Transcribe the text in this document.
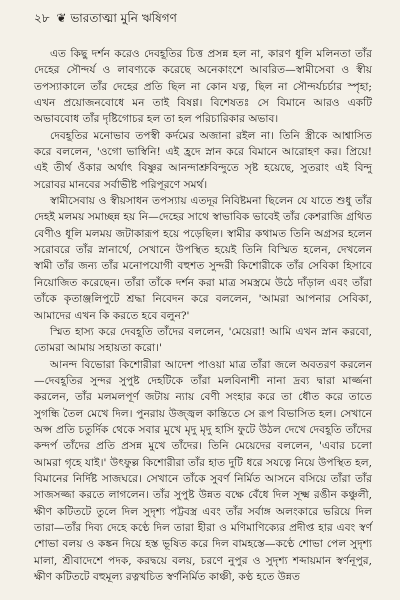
২৮ ❦ ভারতাত্মা মুনি ঋষিগণ

এত কিছু দর্শন করেও দেবহূতির চিত্ত প্রসন্ন হল না, কারণ ধূলি মলিনতা তাঁর দেহের সৌন্দর্য ও লাবণ্যকে করেছে অনেকাংশে আবরিত—স্বামীসেবা ও স্বীয় তপস্যাকালে তাঁর দেহের প্রতি ছিল না কোন যত্ন, ছিল না সৌন্দর্যচর্চার স্পৃহা; এখন প্রয়োজনবোধে মন তাই বিষণ্ণ। বিশেষতঃ সে বিমানে আরও একটি অভাববোধ তাঁর দৃষ্টিগোচর হল তা হল পরিচারিকার অভাব।

দেবহূতির মনোভাব তপস্বী কর্দমের অজানা রইল না। তিনি স্ত্রীকে আশ্বাসিত করে বললেন, 'ওগো ভাস্বিনি! এই হ্রদে স্নান করে বিমানে আরোহণ কর। প্রিয়ে! এই তীর্থ ওঁকার অর্থাৎ বিষ্ণুর আনন্দাশ্রুবিন্দুতে সৃষ্ট হয়েছে, সুতরাং এই বিন্দু সরোবর মানবের সর্বাভীষ্ট পরিপূরণে সমর্থ।

স্বামীসেবায় ও স্বীয়সাধন তপস্যায় এতদূর নিবিষ্টমনা ছিলেন যে যাতে শুধু তাঁর দেহই মলময় সমাচ্ছন্ন হয় নি—দেহের সাথে স্বাভাবিক ভাবেই তাঁর কেশরাজি গ্রথিত বেণীও ধূলি মলময় জটাকারূপ হয়ে পড়েছিল। স্বামীর কথামত তিনি অগ্রসর হলেন সরোবরে তাঁর স্নানার্থে, সেখানে উপস্থিত হয়েই তিনি বিস্মিত হলেন, দেখলেন স্বামী তাঁর জন্য তাঁর মনোপযোগী বহুশত সুন্দরী কিশোরীকে তাঁর সেবিকা হিসাবে নিয়োজিত করেছেন। তাঁরা তাঁকে দর্শন করা মাত্র সমস্ত্রমে উঠে দাঁড়াল এবং তাঁরা তাঁকে কৃতাঞ্জলিপুটে শ্রদ্ধা নিবেদন করে বললেন, 'আমরা আপনার সেবিকা, আমাদের এখন কি করতে হবে বলুন?'

স্মিত হাস্য করে দেবহূতি তাঁদের বললেন, 'মেয়েরা! আমি এখন স্নান করবো, তোমরা আমায় সহায়তা করো।'

আনন্দ বিভোরা কিশোরীরা আদেশ পাওয়া মাত্র তাঁরা জলে অবতরণ করলেন—দেবহূতির সুন্দর সুপুষ্ট দেহটিকে তাঁরা মলবিনাশী নানা দ্রব্য দ্বারা মার্জ্জনা করলেন, তাঁর মলমলপূর্ণ জটায় ন্যায় বেণী সংহার করে তা ধৌত করে তাতে সুগন্ধি তৈল মেখে দিল। পুনরায় উজ্জ্বল কান্তিতে সে রূপ বিভাসিত হল। সেখানে অপ্স প্রতি চতুর্দিক থেকে সবার মুখে মৃদু মৃদু হাসি ফুটে উঠল দেখে দেবহূতি তাঁদের কন্দর্প তাঁদের প্রতি প্রসন্ন মুখে তাঁদের। তিনি মেয়েদের বললেন, 'এবার চলো আমরা গৃহে যাই।' উৎফুল্ল কিশোরীরা তাঁর হাত দুটি ধরে সযত্নে নিয়ে উপস্থিত হল, বিমানের নির্দিষ্ট সাজঘরে। সেখানে তাঁকে সুবর্ণ নির্মিত আসনে বসিয়ে তাঁরা তাঁর সাজসজ্জা করতে লাগলেন। তাঁর সুপুষ্ট উন্নত বক্ষে বেঁধে দিল সূক্ষ্ম রঙীন কঞ্চুলী, ক্ষীণ কটিতটে তুলে দিল সুদৃশ্য পট্টবস্ত্র এবং তাঁর সর্বাঙ্গ অলংকারে ভরিয়ে দিল তারা—তাঁর দিব্য দেহে কণ্ঠে দিল তারা হীরা ও মণিমাণিক্যের প্রদীপ্ত হার এবং স্বর্ণ শোভা বলয় ও কঙ্কন দিয়ে হস্ত ভূষিত করে দিল বামহস্তে—কণ্ঠে শোভা পেল সুদৃশ্য মালা, শ্রীবাদেশে পদক, করদ্বয়ে বলয়, চরণে নুপুর ও সুদৃশ্য শব্দায়মান স্বর্ণনূপুর, ক্ষীণ কটিতটে বহুমূল্য রত্নখচিত স্বর্ণনির্মিত কাঞ্চী, কণ্ঠ হতে উন্নত
